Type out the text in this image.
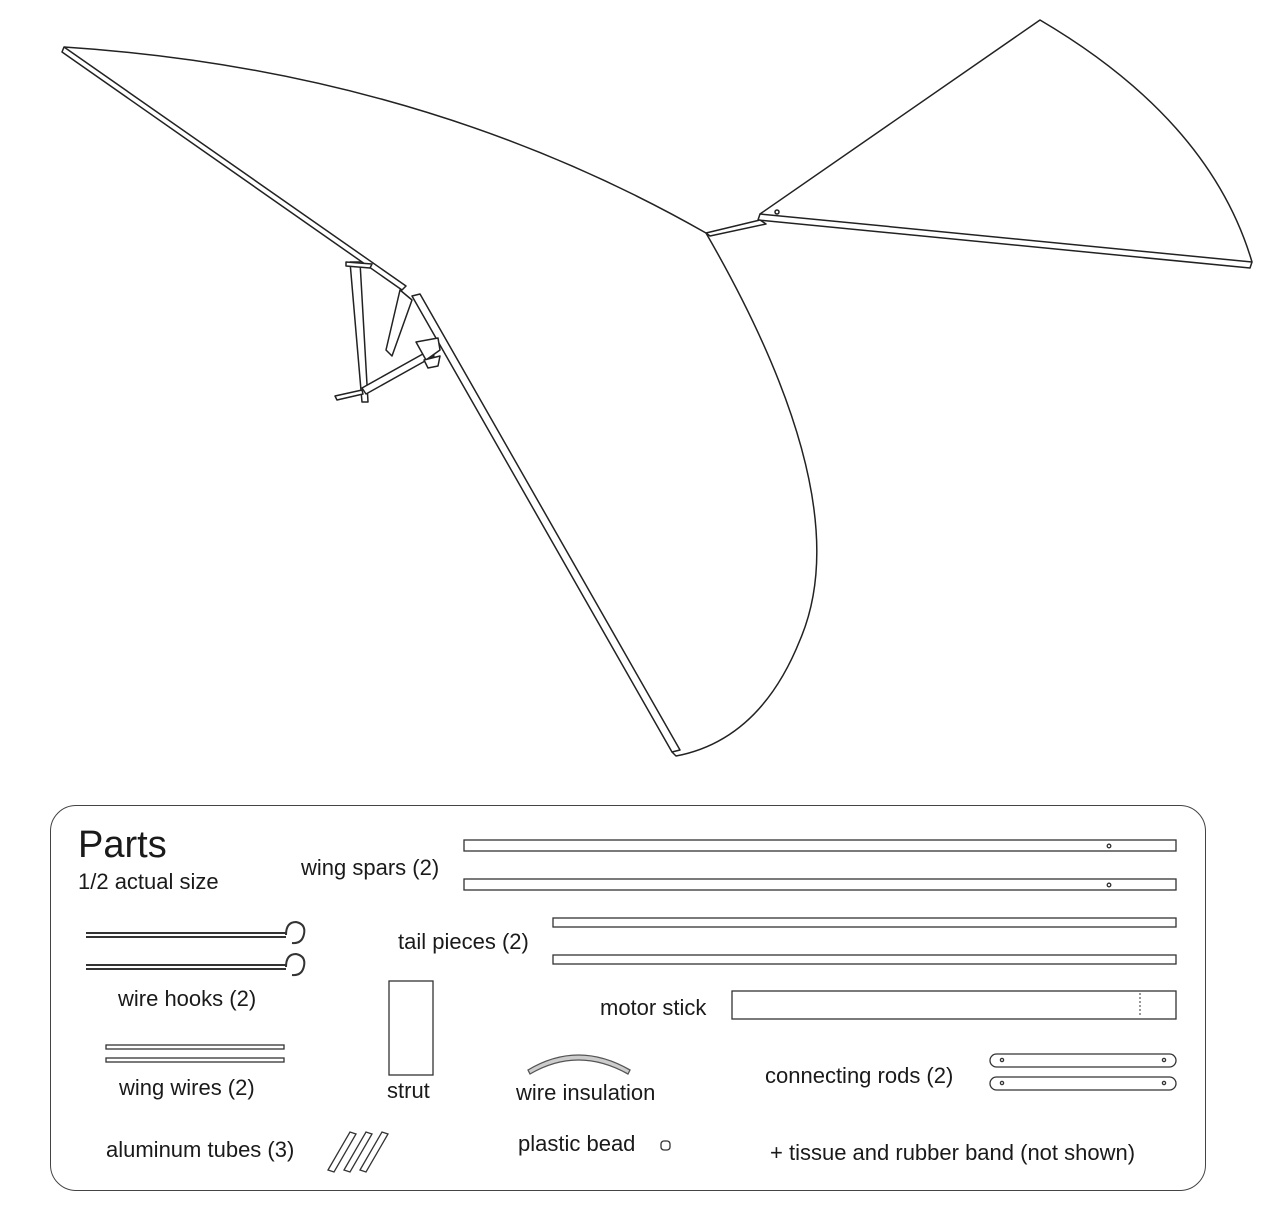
Parts
1/2 actual size
wing spars (2)
tail pieces (2)
wire hooks (2)	motor stick
wing wires (2)	strut	wire insulation
connecting rods (2)
aluminum tubes (3)	plastic bead	+ tissue and rubber band (not shown)
